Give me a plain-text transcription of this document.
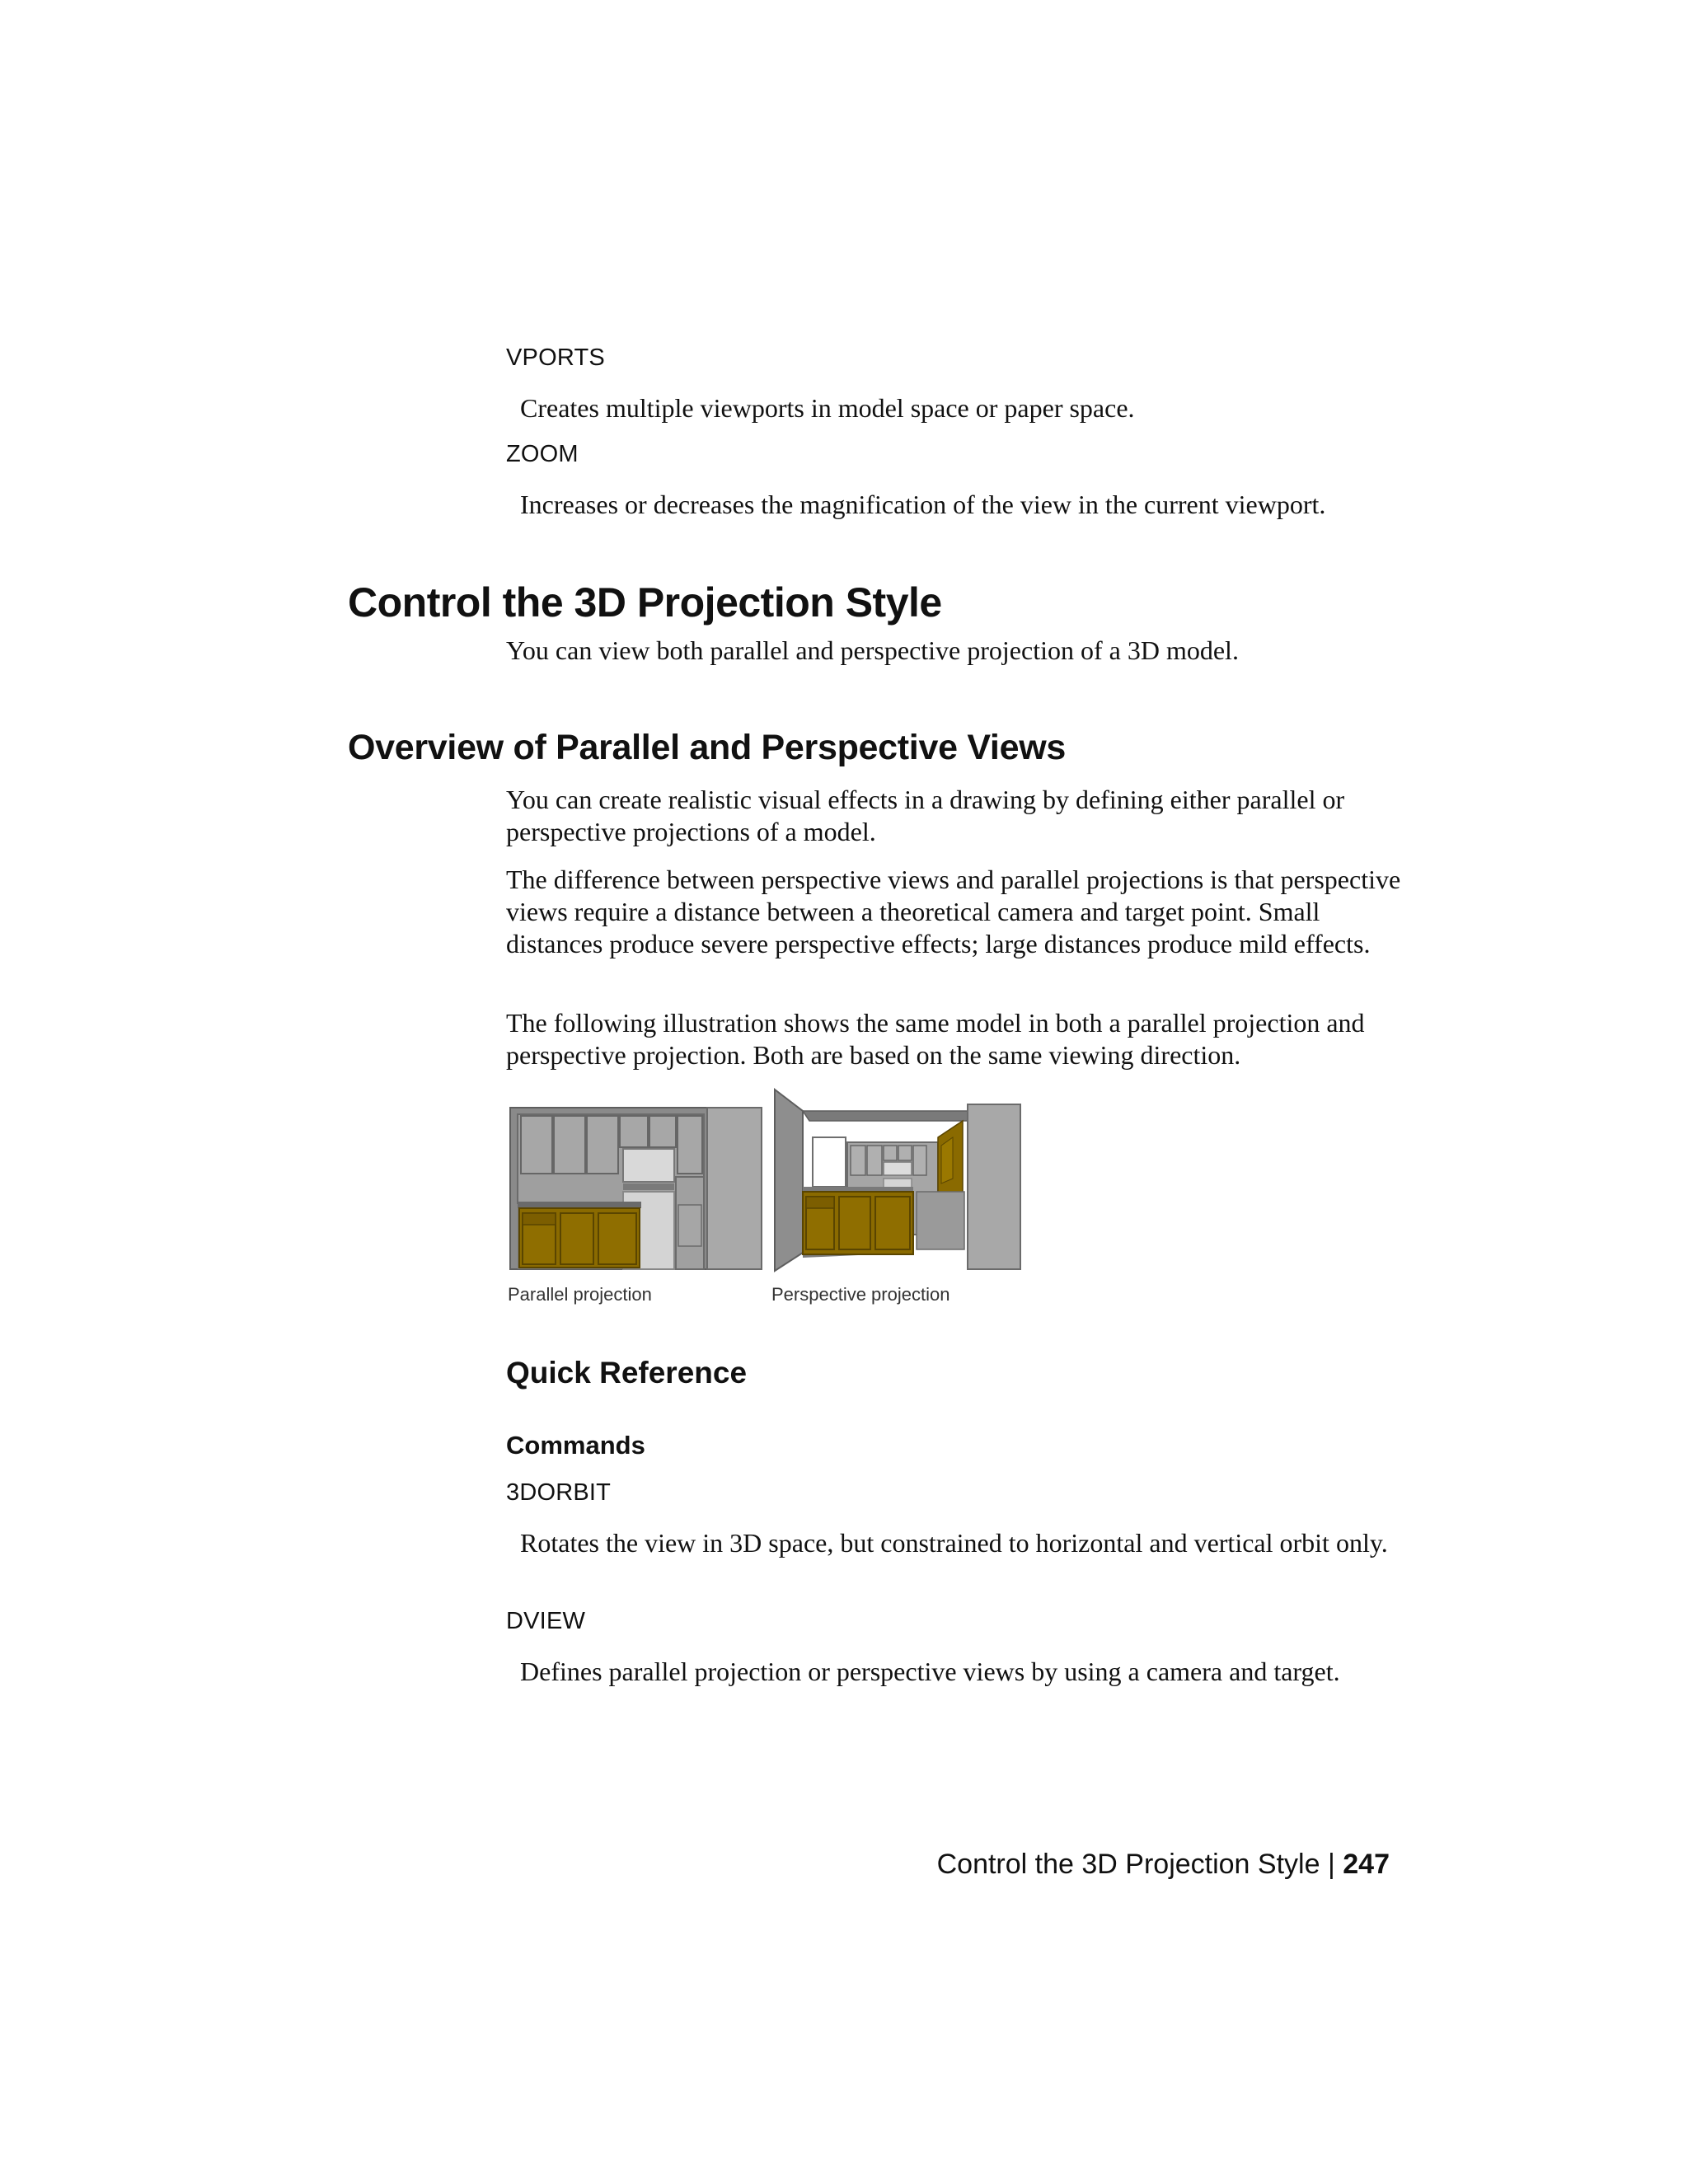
VPORTS
Creates multiple viewports in model space or paper space.
ZOOM
Increases or decreases the magnification of the view in the current viewport.
Control the 3D Projection Style
You can view both parallel and perspective projection of a 3D model.
Overview of Parallel and Perspective Views
You can create realistic visual effects in a drawing by defining either parallel or perspective projections of a model.
The difference between perspective views and parallel projections is that perspective views require a distance between a theoretical camera and target point. Small distances produce severe perspective effects; large distances produce mild effects.
The following illustration shows the same model in both a parallel projection and perspective projection. Both are based on the same viewing direction.
Parallel projection	Perspective projection
Quick Reference
Commands
3DORBIT
Rotates the view in 3D space, but constrained to horizontal and vertical orbit only.
DVIEW
Defines parallel projection or perspective views by using a camera and target.
Control the 3D Projection Style | 247
